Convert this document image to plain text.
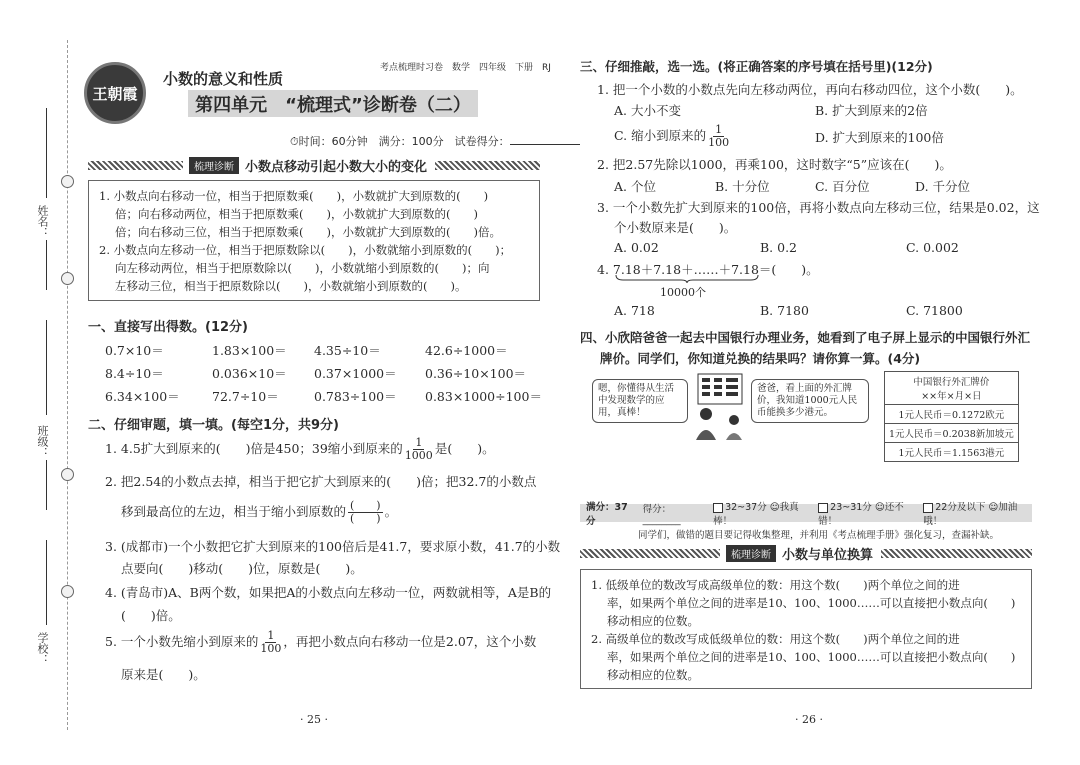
姓名：
班级：
学校：
王朝霞
考点梳理时习卷　数学　四年级　下册　RJ
小数的意义和性质
第四单元　“梳理式”诊断卷（二）
⏱时间：60分钟　满分：100分　试卷得分：
梳理诊断 小数点移动引起小数大小的变化
1. 小数点向右移动一位，相当于把原数乘(　　)，小数就扩大到原数的(　　)
倍；向右移动两位，相当于把原数乘(　　)，小数就扩大到原数的(　　)
倍；向右移动三位，相当于把原数乘(　　)，小数就扩大到原数的(　　)倍。
2. 小数点向左移动一位，相当于把原数除以(　　)，小数就缩小到原数的(　　)；
向左移动两位，相当于把原数除以(　　)，小数就缩小到原数的(　　)；向
左移动三位，相当于把原数除以(　　)，小数就缩小到原数的(　　)。
一、直接写出得数。(12分)
0.7×10＝	1.83×100＝ 4.35÷10＝	42.6÷1000＝
8.4÷10＝	0.036×10＝ 0.37×1000＝ 0.36÷10×100＝
6.34×100＝	72.7÷10＝	0.783÷100＝ 0.83×1000÷100＝
二、仔细审题，填一填。(每空1分，共9分)
1. 4.5扩大到原来的(　　)倍是450；39缩小到原来的 $\frac{1}{1000}$ 是(　　)。
2. 把2.54的小数点去掉，相当于把它扩大到原来的(　　)倍；把32.7的小数点
移到最高位的左边，相当于缩小到原数的 $\frac{( )}{( )}$ 。
3. (成都市)一个小数把它扩大到原来的100倍后是41.7，要求原小数，41.7的小数
点要向(　　)移动(　　)位，原数是(　　)。
4. (青岛市)A、B两个数，如果把A的小数点向左移动一位，两数就相等，A是B的
(　　)倍。
5. 一个小数先缩小到原来的 $\frac{1}{100}$ ，再把小数点向右移动一位是2.07，这个小数
原来是(　　)。
· 25 ·
三、仔细推敲，选一选。(将正确答案的序号填在括号里)(12分)
1. 把一个小数的小数点先向左移动两位，再向右移动四位，这个小数(　　)。
A. 大小不变	B. 扩大到原来的2倍
C. 缩小到原来的 $\frac{1}{100}$	D. 扩大到原来的100倍
2. 把2.57先除以1000，再乘100，这时数字“5”应该在(　　)。
A. 个位	B. 十分位	C. 百分位	D. 千分位
3. 一个小数先扩大到原来的100倍，再将小数点向左移动三位，结果是0.02，这
个小数原来是(　　)。
A. 0.02	B. 0.2	C. 0.002
4. 7.18＋7.18＋……＋7.18＝(　　)。
10000个
A. 718	B. 7180	C. 71800
四、小欣陪爸爸一起去中国银行办理业务，她看到了电子屏上显示的中国银行外汇
牌价。同学们，你知道兑换的结果吗？请你算一算。(4分)
嗯，你懂得从生活
中发现数学的应
用，真棒！
爸爸，看上面的外汇牌
价，我知道1000元人民
币能换多少港元。
中国银行外汇牌价
××年×月×日

1元人民币＝0.1272欧元
1元人民币＝0.2038新加坡元
1元人民币＝1.1563港元
满分：37分
得分：________
32~37分 ☺我真棒！
23~31分 ☺还不错！
22分及以下 ☺加油哦！
同学们，做错的题目要记得收集整理，并利用《考点梳理手册》强化复习，查漏补缺。
梳理诊断 小数与单位换算
1. 低级单位的数改写成高级单位的数：用这个数(　　)两个单位之间的进
率，如果两个单位之间的进率是10、100、1000……可以直接把小数点向(　　)
移动相应的位数。
2. 高级单位的数改写成低级单位的数：用这个数(　　)两个单位之间的进
率，如果两个单位之间的进率是10、100、1000……可以直接把小数点向(　　)
移动相应的位数。
· 26 ·
